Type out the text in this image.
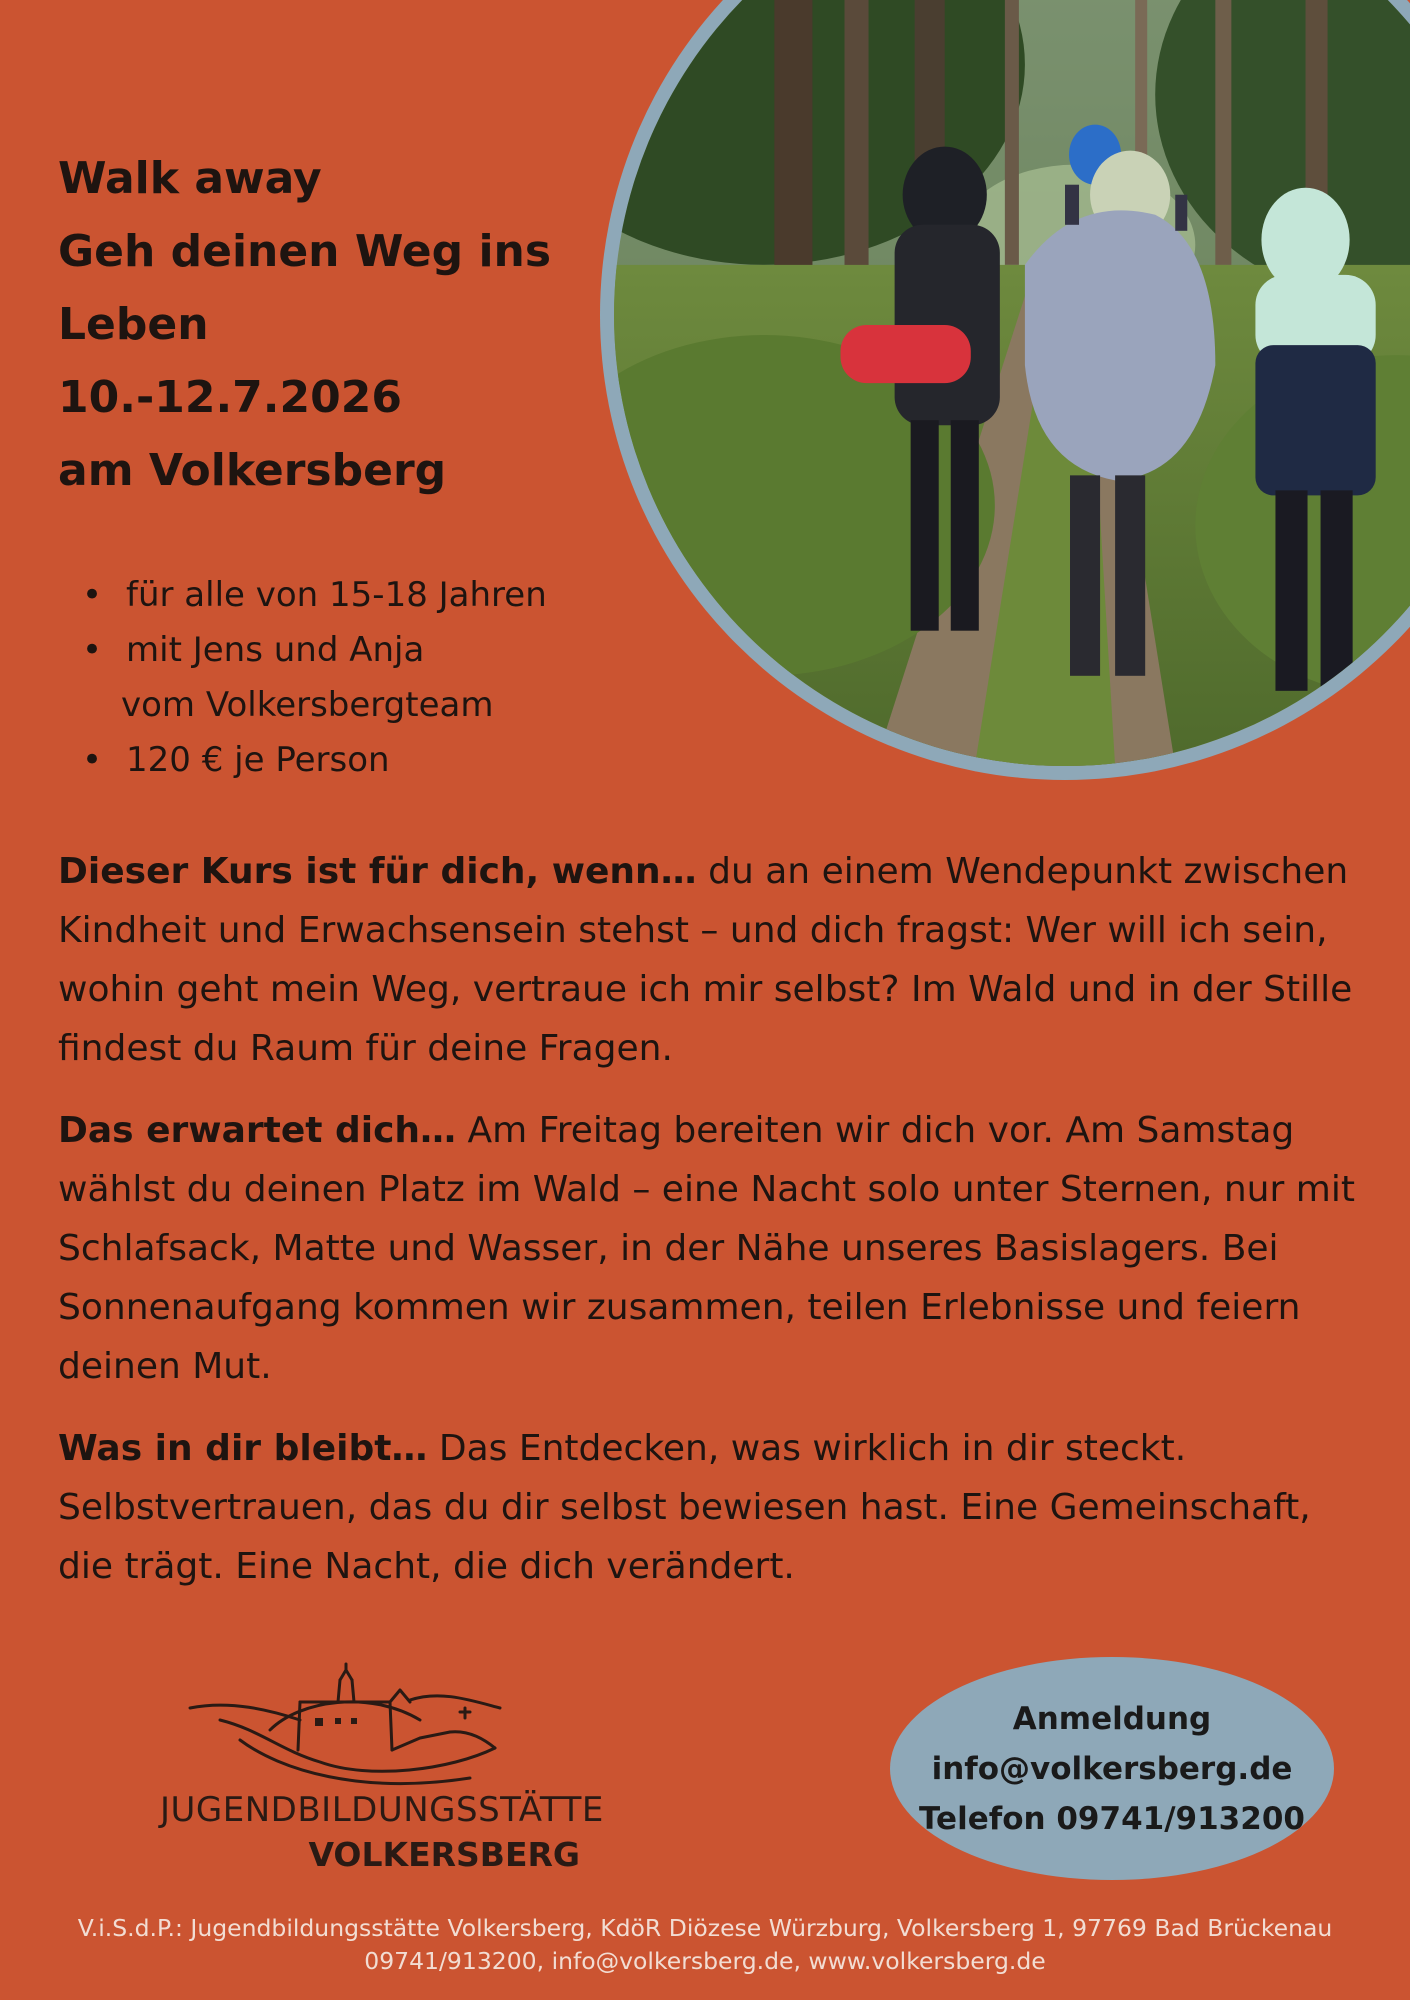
Walk away
Geh deinen Weg ins
Leben
10.-12.7.2026
am Volkersberg
• für alle von 15-18 Jahren
• mit Jens und Anja
vom Volkersbergteam
• 120 € je Person

Dieser Kurs ist für dich, wenn… du an einem Wendepunkt zwischen Kindheit und Erwachsensein stehst – und dich fragst: Wer will ich sein, wohin geht mein Weg, vertraue ich mir selbst? Im Wald und in der Stille findest du Raum für deine Fragen.

Das erwartet dich… Am Freitag bereiten wir dich vor. Am Samstag wählst du deinen Platz im Wald – eine Nacht solo unter Sternen, nur mit Schlafsack, Matte und Wasser, in der Nähe unseres Basislagers. Bei Sonnenaufgang kommen wir zusammen, teilen Erlebnisse und feiern deinen Mut.

Was in dir bleibt… Das Entdecken, was wirklich in dir steckt. Selbstvertrauen, das du dir selbst bewiesen hast. Eine Gemeinschaft, die trägt. Eine Nacht, die dich verändert.

JUGENDBILDUNGSSTÄTTE
VOLKERSBERG
Anmeldung
info@volkersberg.de
Telefon 09741/913200
V.i.S.d.P.: Jugendbildungsstätte Volkersberg, KdöR Diözese Würzburg, Volkersberg 1, 97769 Bad Brückenau
09741/913200, info@volkersberg.de, www.volkersberg.de
